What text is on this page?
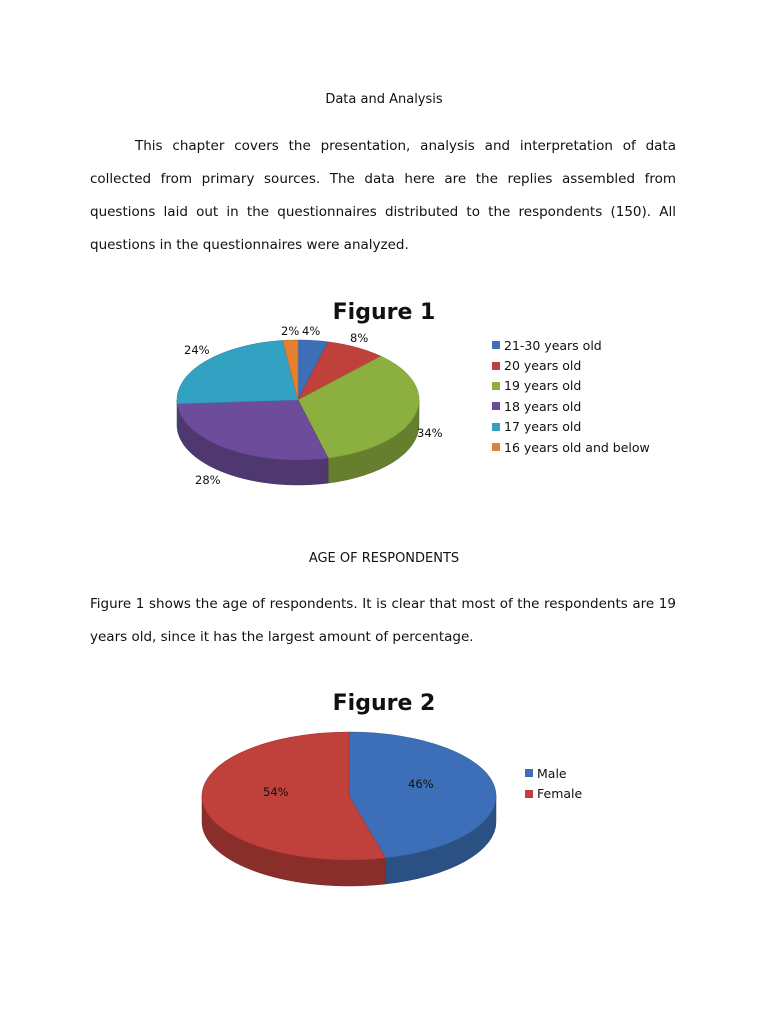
Data and Analysis
This chapter covers the presentation, analysis and interpretation of data collected from primary sources. The data here are the replies assembled from questions laid out in the questionnaires distributed to the respondents (150). All questions in the questionnaires were analyzed.
Figure 1
4%	8%
34%
28%
24%
2%
21-30 years old
20 years old
19 years old
18 years old
17 years old
16 years old and below
AGE OF RESPONDENTS
Figure 1 shows the age of respondents. It is clear that most of the respondents are 19 years old, since it has the largest amount of percentage.
Figure 2
46%
54%
Male
Female
